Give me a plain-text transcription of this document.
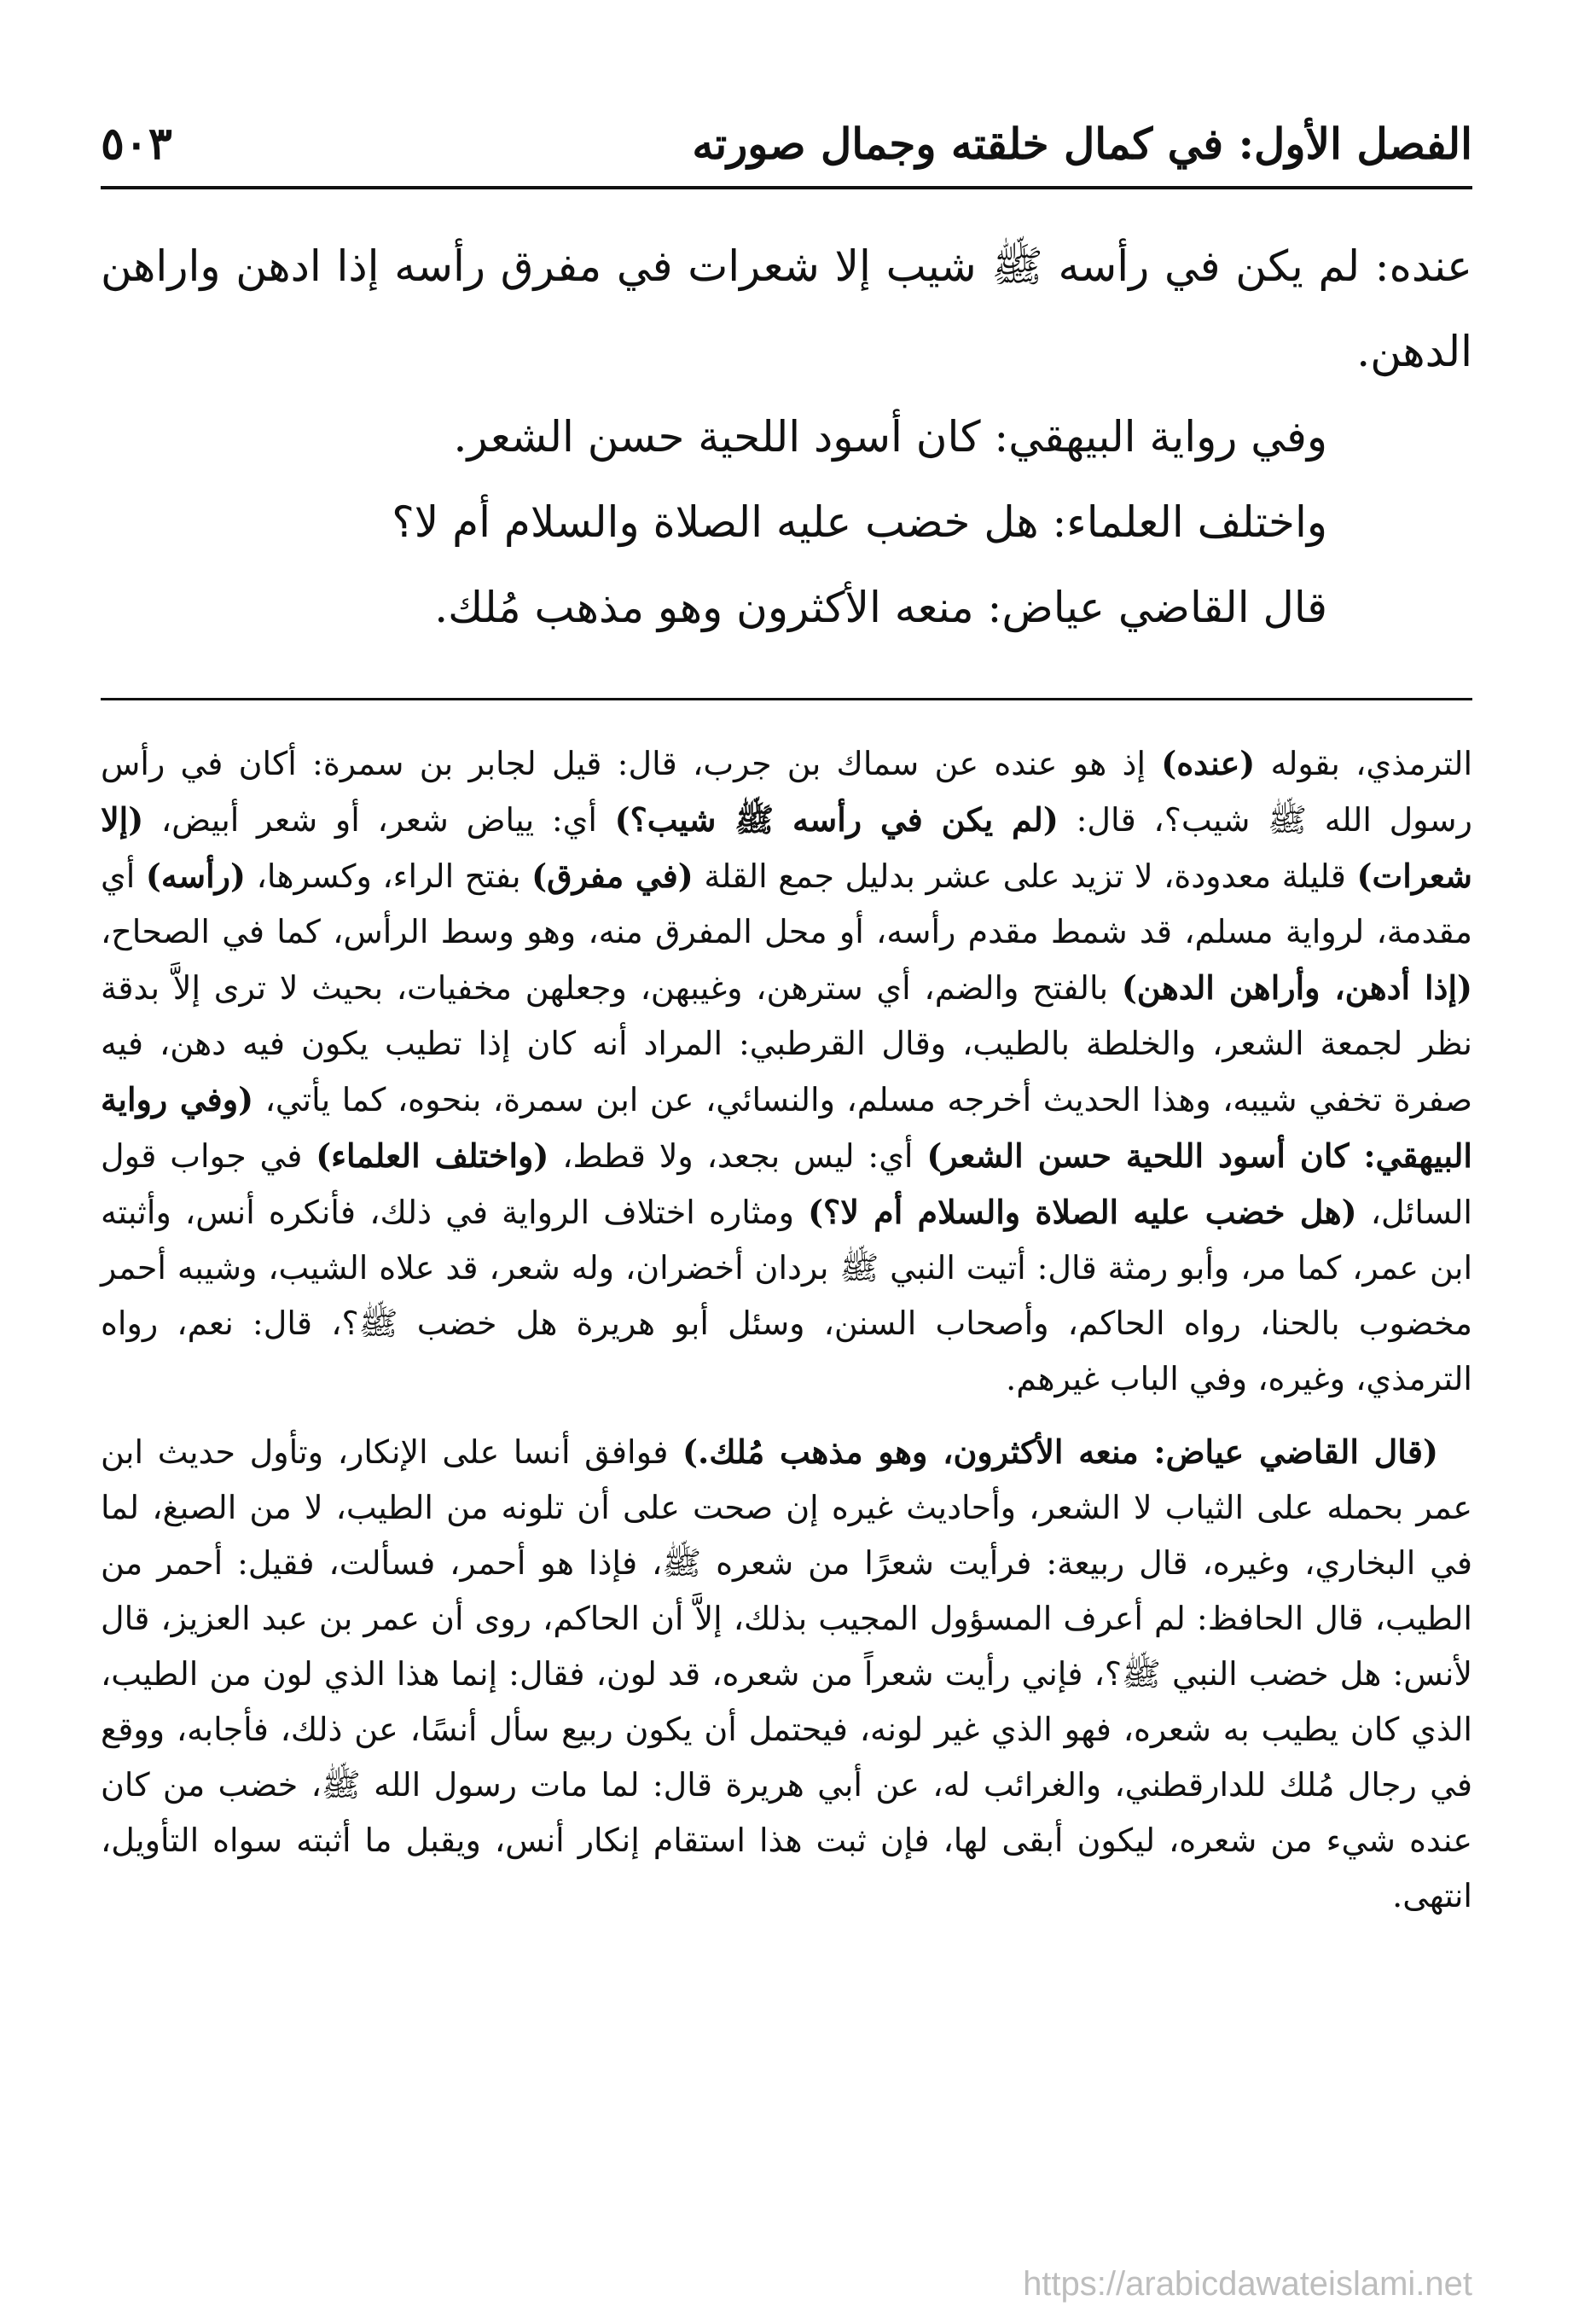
الفصل الأول: في كمال خلقته وجمال صورته
٥٠٣

عنده: لم يكن في رأسه ﷺ شيب إلا شعرات في مفرق رأسه إذا ادهن واراهن الدهن.

وفي رواية البيهقي: كان أسود اللحية حسن الشعر.

واختلف العلماء: هل خضب عليه الصلاة والسلام أم لا؟

قال القاضي عياض: منعه الأكثرون وهو مذهب مُلك.

الترمذي، بقوله (عنده) إذ هو عنده عن سماك بن جرب، قال: قيل لجابر بن سمرة: أكان في رأس رسول الله ﷺ شيب؟، قال: (لم يكن في رأسه ﷺ شيب؟) أي: يياض شعر، أو شعر أبيض، (إلا شعرات) قليلة معدودة، لا تزيد على عشر بدليل جمع القلة (في مفرق) بفتح الراء، وكسرها، (رأسه) أي مقدمة، لرواية مسلم، قد شمط مقدم رأسه، أو محل المفرق منه، وهو وسط الرأس، كما في الصحاح، (إذا أدهن، وأراهن الدهن) بالفتح والضم، أي سترهن، وغيبهن، وجعلهن مخفيات، بحيث لا ترى إلاَّ بدقة نظر لجمعة الشعر، والخلطة بالطيب، وقال القرطبي: المراد أنه كان إذا تطيب يكون فيه دهن، فيه صفرة تخفي شيبه، وهذا الحديث أخرجه مسلم، والنسائي، عن ابن سمرة، بنحوه، كما يأتي، (وفي رواية البيهقي: كان أسود اللحية حسن الشعر) أي: ليس بجعد، ولا قطط، (واختلف العلماء) في جواب قول السائل، (هل خضب عليه الصلاة والسلام أم لا؟) ومثاره اختلاف الرواية في ذلك، فأنكره أنس، وأثبته ابن عمر، كما مر، وأبو رمثة قال: أتيت النبي ﷺ بردان أخضران، وله شعر، قد علاه الشيب، وشيبه أحمر مخضوب بالحنا، رواه الحاكم، وأصحاب السنن، وسئل أبو هريرة هل خضب ﷺ؟، قال: نعم، رواه الترمذي، وغيره، وفي الباب غيرهم.

(قال القاضي عياض: منعه الأكثرون، وهو مذهب مُلك.) فوافق أنسا على الإنكار، وتأول حديث ابن عمر بحمله على الثياب لا الشعر، وأحاديث غيره إن صحت على أن تلونه من الطيب، لا من الصبغ، لما في البخاري، وغيره، قال ربيعة: فرأيت شعرًا من شعره ﷺ، فإذا هو أحمر، فسألت، فقيل: أحمر من الطيب، قال الحافظ: لم أعرف المسؤول المجيب بذلك، إلاَّ أن الحاكم، روى أن عمر بن عبد العزيز، قال لأنس: هل خضب النبي ﷺ؟، فإني رأيت شعراً من شعره، قد لون، فقال: إنما هذا الذي لون من الطيب، الذي كان يطيب به شعره، فهو الذي غير لونه، فيحتمل أن يكون ربيع سأل أنسًا، عن ذلك، فأجابه، ووقع في رجال مُلك للدارقطني، والغرائب له، عن أبي هريرة قال: لما مات رسول الله ﷺ، خضب من كان عنده شيء من شعره، ليكون أبقى لها، فإن ثبت هذا استقام إنكار أنس، ويقبل ما أثبته سواه التأويل، انتهى.

https://arabicdawateislami.net
